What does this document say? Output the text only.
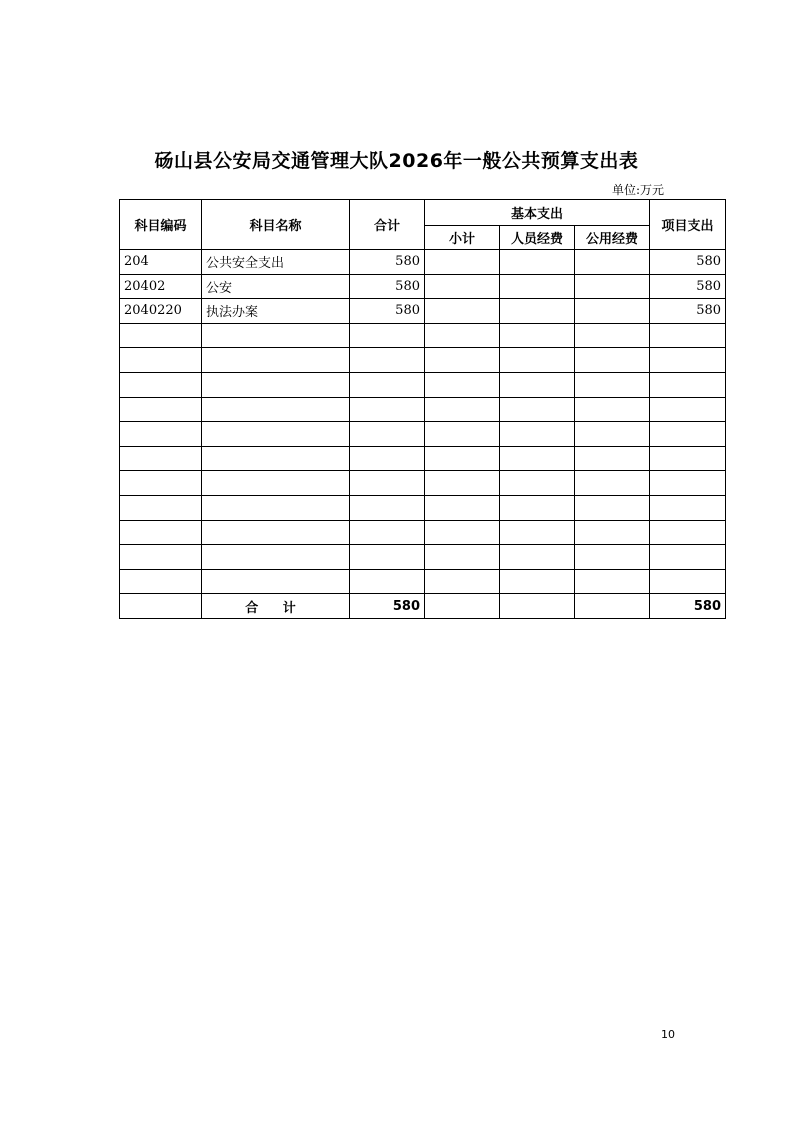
砀山县公安局交通管理大队2026年一般公共预算支出表
单位:万元
科目编码	科目名称	合计	基本支出			项目支出
			小计	人员经费	公用经费	
204	公共安全支出	580				580
20402	公安	580				580
2040220	执法办案	580				580

	合 计	580				580
10
